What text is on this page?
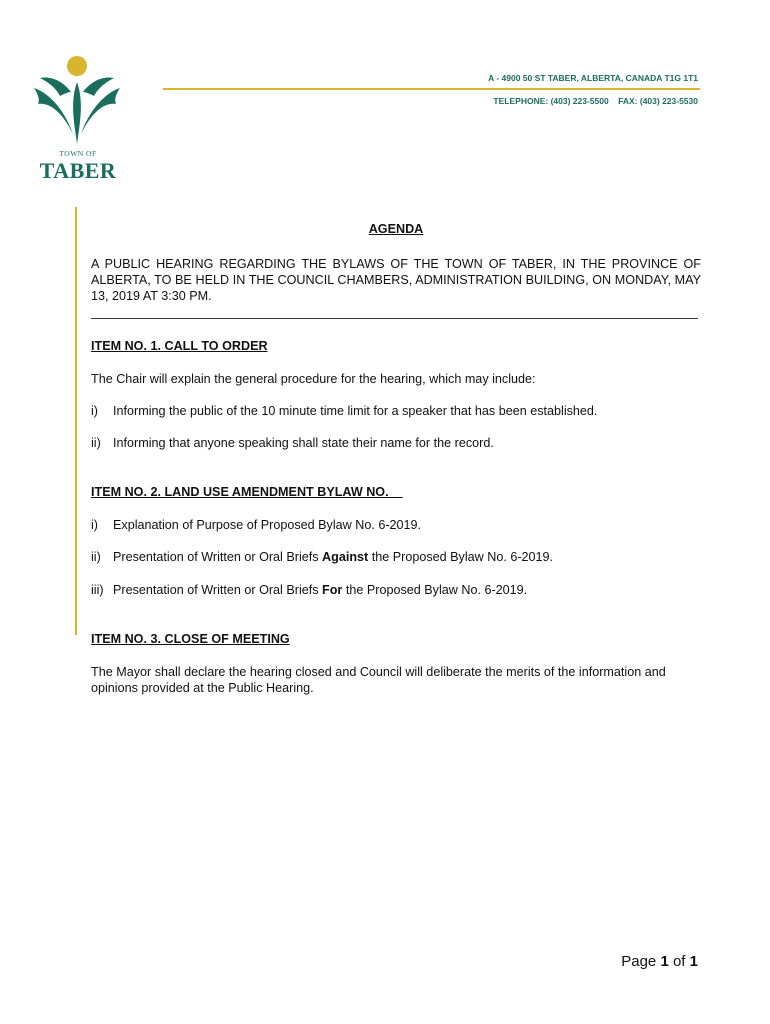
TOWN OF
TABER
A - 4900 50 ST TABER, ALBERTA, CANADA T1G 1T1
TELEPHONE: (403) 223-5500    FAX: (403) 223-5530
AGENDA
A PUBLIC HEARING REGARDING THE BYLAWS OF THE TOWN OF TABER, IN THE PROVINCE OF ALBERTA, TO BE HELD IN THE COUNCIL CHAMBERS, ADMINISTRATION BUILDING, ON MONDAY, MAY 13, 2019 AT 3:30 PM.
ITEM NO. 1. CALL TO ORDER
The Chair will explain the general procedure for the hearing, which may include:
i) Informing the public of the 10 minute time limit for a speaker that has been established.
ii) Informing that anyone speaking shall state their name for the record.
ITEM NO. 2. LAND USE AMENDMENT BYLAW NO.
i) Explanation of Purpose of Proposed Bylaw No. 6-2019.
ii) Presentation of Written or Oral Briefs Against the Proposed Bylaw No. 6-2019.
iii) Presentation of Written or Oral Briefs For the Proposed Bylaw No. 6-2019.
ITEM NO. 3. CLOSE OF MEETING
The Mayor shall declare the hearing closed and Council will deliberate the merits of the information and opinions provided at the Public Hearing.
Page 1 of 1
